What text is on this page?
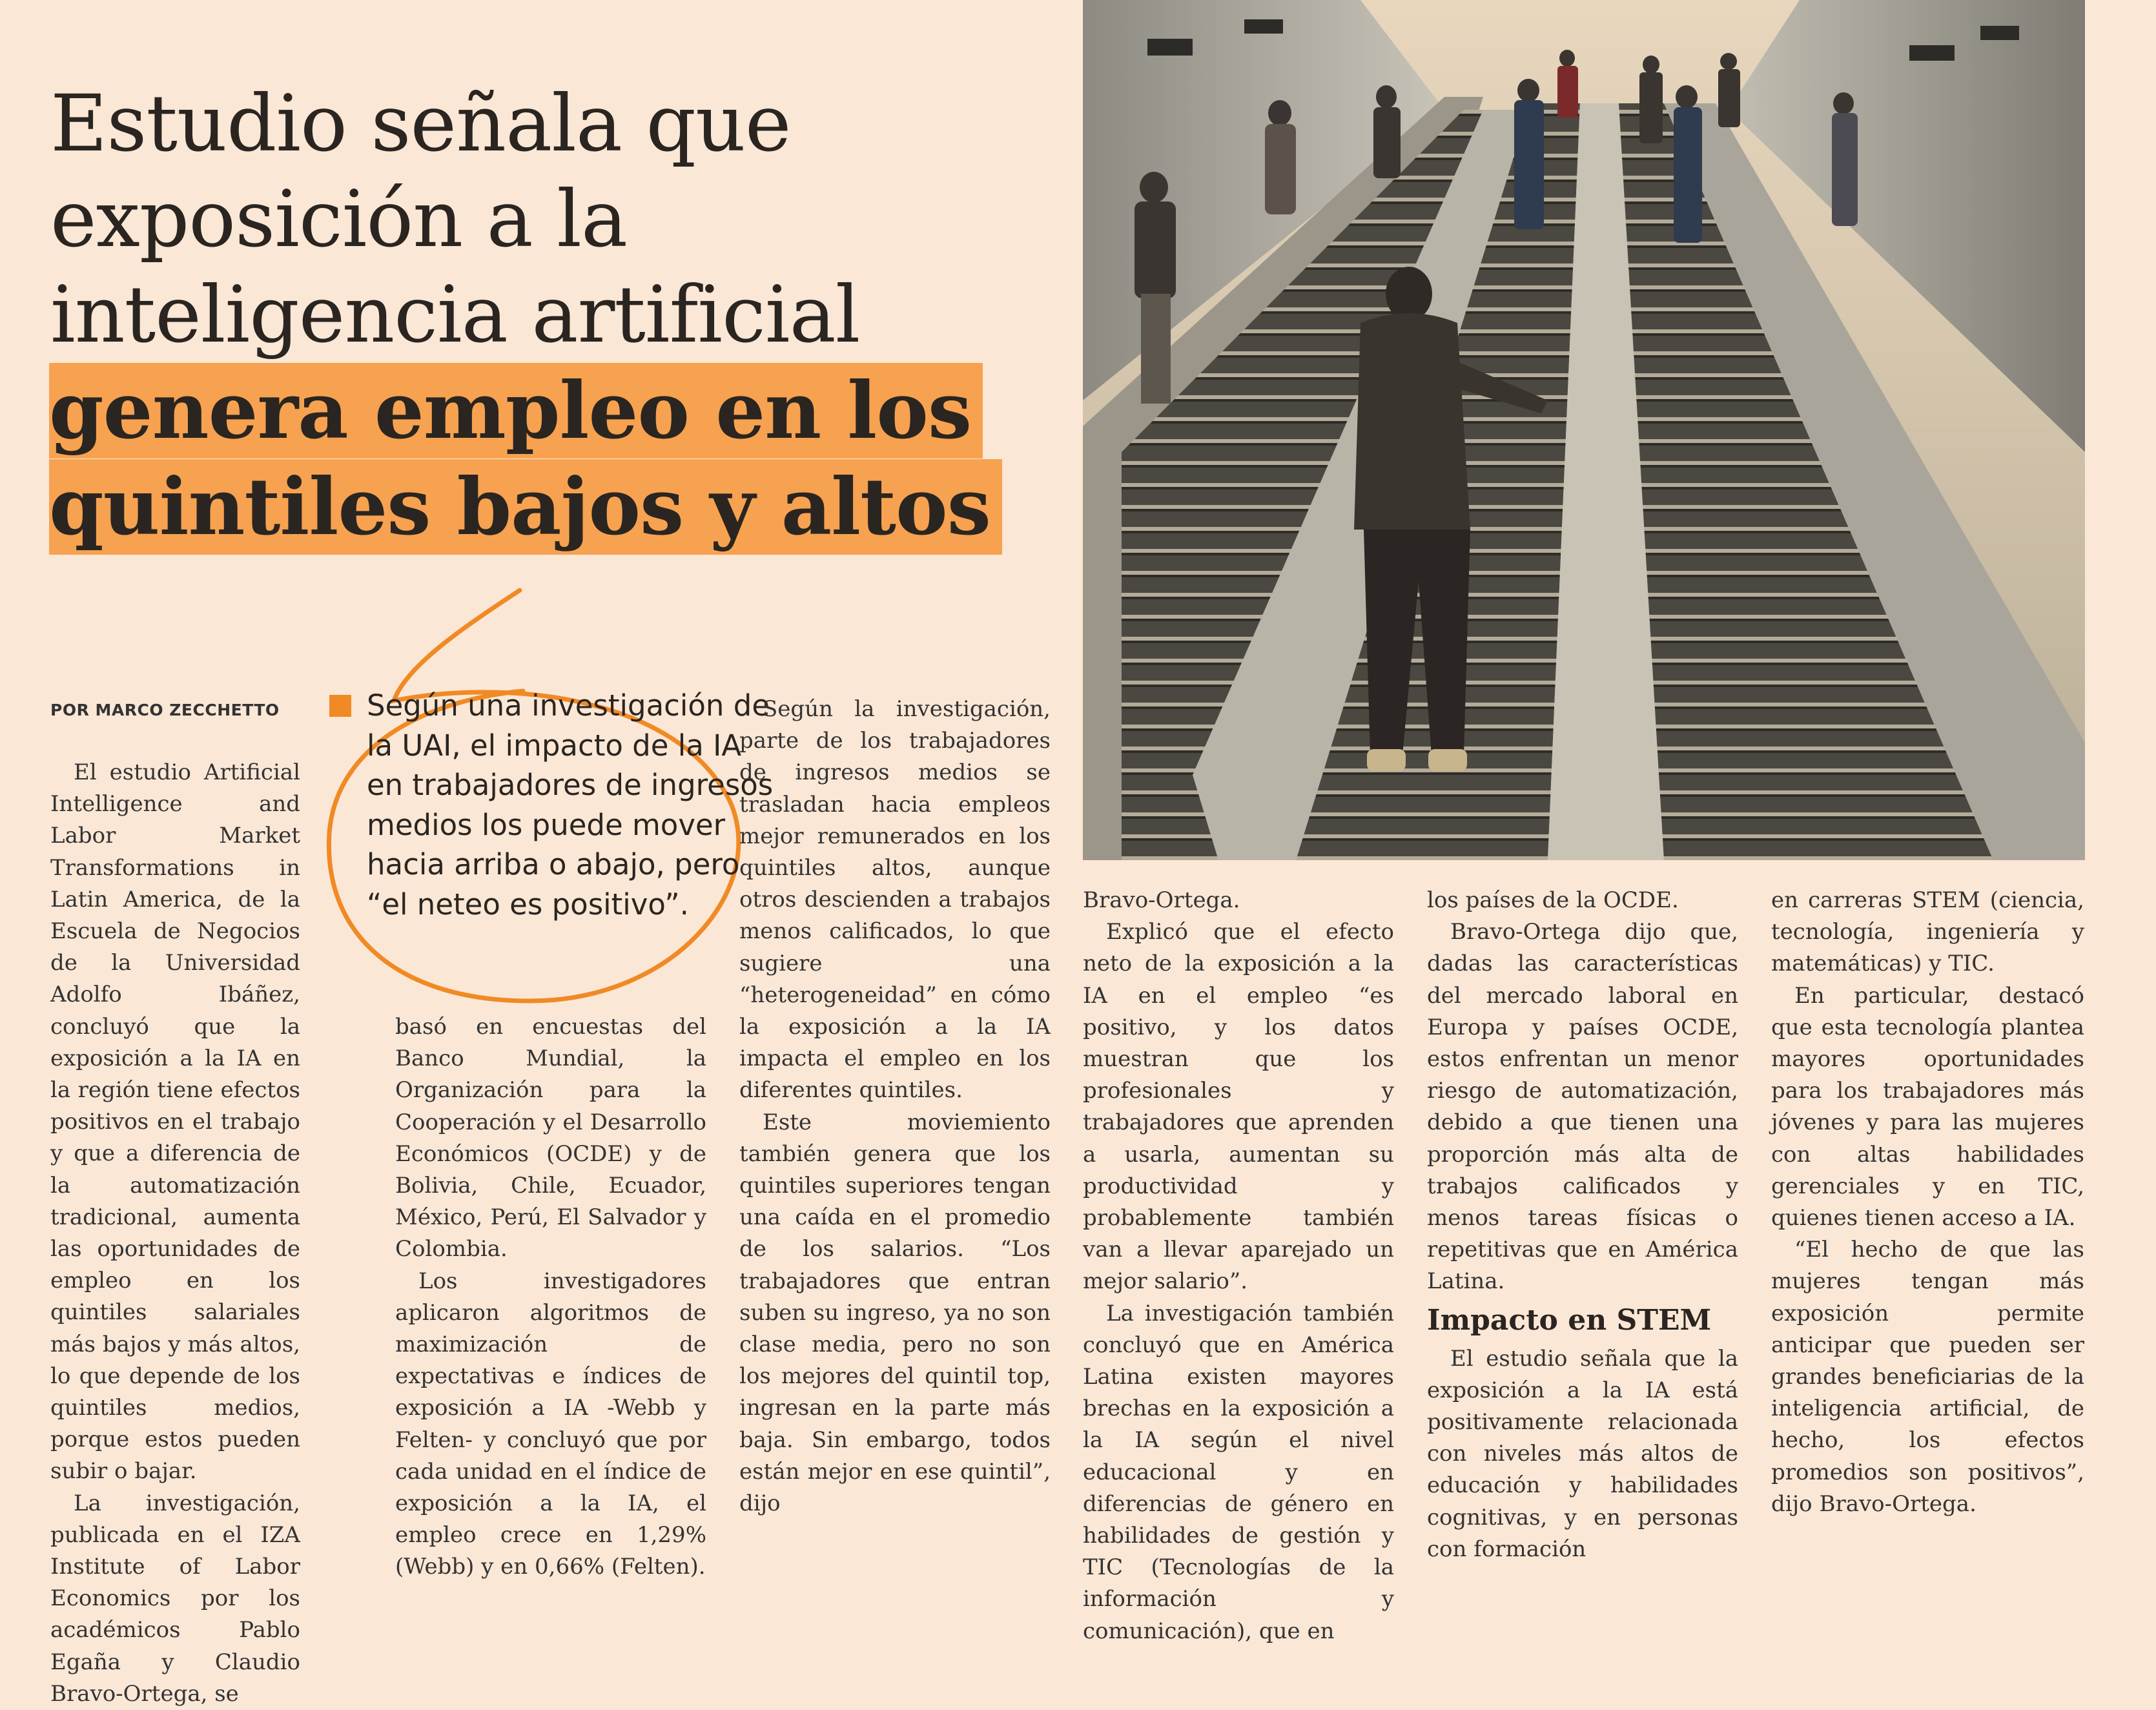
Estudio señala que
exposición a la
inteligencia artificial
genera empleo en los
quintiles bajos y altos
POR MARCO ZECCHETTO	Según una investigación de la UAI, el impacto de la IA en trabajadores de ingresos medios los puede mover hacia arriba o abajo, pero “el neteo es positivo”.

El estudio Artificial Intelligence and Labor Market Transformations in Latin America, de la Escuela de Negocios de la Universidad Adolfo Ibáñez, concluyó que la exposición a la IA en la región tiene efectos positivos en el trabajo y que a diferencia de la automatización tradicional, aumenta las oportunidades de empleo en los quintiles salariales más bajos y más altos, lo que depende de los quintiles medios, porque estos pueden subir o bajar.

La investigación, publicada en el IZA Institute of Labor Economics por los académicos Pablo Egaña y Claudio Bravo-Ortega, se

basó en encuestas del Banco Mundial, la Organización para la Cooperación y el Desarrollo Económicos (OCDE) y de Bolivia, Chile, Ecuador, México, Perú, El Salvador y Colombia.

Los investigadores aplicaron algoritmos de maximización de expectativas e índices de exposición a IA -Webb y Felten- y concluyó que por cada unidad en el índice de exposición a la IA, el empleo crece en 1,29% (Webb) y en 0,66% (Felten).

Según la investigación, parte de los trabajadores de ingresos medios se trasladan hacia empleos mejor remunerados en los quintiles altos, aunque otros descienden a trabajos menos calificados, lo que sugiere una “heterogeneidad” en cómo la exposición a la IA impacta el empleo en los diferentes quintiles.

Este moviemiento también genera que los quintiles superiores tengan una caída en el promedio de los salarios. “Los trabajadores que entran suben su ingreso, ya no son clase media, pero no son los mejores del quintil top, ingresan en la parte más baja. Sin embargo, todos están mejor en ese quintil”, dijo

Bravo-Ortega.

Explicó que el efecto neto de la exposición a la IA en el empleo “es positivo, y los datos muestran que los profesionales y trabajadores que aprenden a usarla, aumentan su productividad y probablemente también van a llevar aparejado un mejor salario”.

La investigación también concluyó que en América Latina existen mayores brechas en la exposición a la IA según el nivel educacional y en diferencias de género en habilidades de gestión y TIC (Tecnologías de la información y comunicación), que en

los países de la OCDE.

Bravo-Ortega dijo que, dadas las características del mercado laboral en Europa y países OCDE, estos enfrentan un menor riesgo de automatización, debido a que tienen una proporción más alta de trabajos calificados y menos tareas físicas o repetitivas que en América Latina.

Impacto en STEM

El estudio señala que la exposición a la IA está positivamente relacionada con niveles más altos de educación y habilidades cognitivas, y en personas con formación

en carreras STEM (ciencia, tecnología, ingeniería y matemáticas) y TIC.

En particular, destacó que esta tecnología plantea mayores oportunidades para los trabajadores más jóvenes y para las mujeres con altas habilidades gerenciales y en TIC, quienes tienen acceso a IA.

“El hecho de que las mujeres tengan más exposición permite anticipar que pueden ser grandes beneficiarias de la inteligencia artificial, de hecho, los efectos promedios son positivos”, dijo Bravo-Ortega.
